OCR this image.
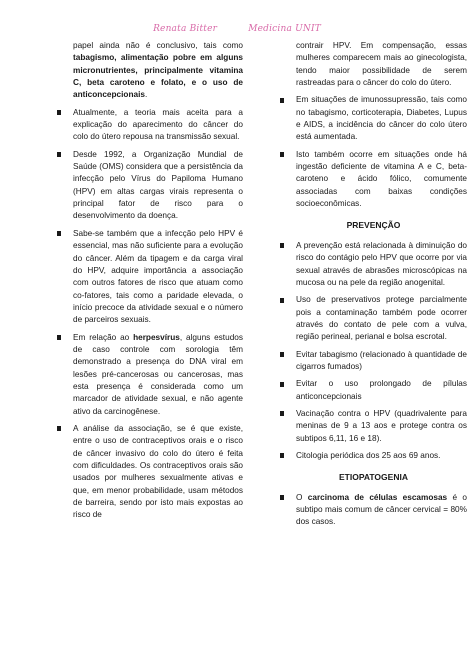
Renata Bitter	Medicina UNIT

papel ainda não é conclusivo, tais como tabagismo, alimentação pobre em alguns micronutrientes, principalmente vitamina C, beta caroteno e folato, e o uso de anticoncepcionais.

Atualmente, a teoria mais aceita para a explicação do aparecimento do câncer do colo do útero repousa na transmissão sexual.
Desde 1992, a Organização Mundial de Saúde (OMS) considera que a persistência da infecção pelo Vírus do Papiloma Humano (HPV) em altas cargas virais representa o principal fator de risco para o desenvolvimento da doença.
Sabe-se também que a infecção pelo HPV é essencial, mas não suficiente para a evolução do câncer. Além da tipagem e da carga viral do HPV, adquire importância a associação com outros fatores de risco que atuam como co-fatores, tais como a paridade elevada, o início precoce da atividade sexual e o número de parceiros sexuais.
Em relação ao herpesvírus, alguns estudos de caso controle com sorologia têm demonstrado a presença do DNA viral em lesões pré-cancerosas ou cancerosas, mas esta presença é considerada como um marcador de atividade sexual, e não agente ativo da carcinogênese.
A análise da associação, se é que existe, entre o uso de contraceptivos orais e o risco de câncer invasivo do colo do útero é feita com dificuldades. Os contraceptivos orais são usados por mulheres sexualmente ativas e que, em menor probabilidade, usam métodos de barreira, sendo por isto mais expostas ao risco de

contrair HPV. Em compensação, essas mulheres comparecem mais ao ginecologista, tendo maior possibilidade de serem rastreadas para o câncer do colo do útero.

Em situações de imunossupressão, tais como no tabagismo, corticoterapia, Diabetes, Lupus e AIDS, a incidência do câncer do colo útero está aumentada.
Isto também ocorre em situações onde há ingestão deficiente de vitamina A e C, beta-caroteno e ácido fólico, comumente associadas com baixas condições socioeconômicas.
PREVENÇÃO
A prevenção está relacionada à diminuição do risco do contágio pelo HPV que ocorre por via sexual através de abrasões microscópicas na mucosa ou na pele da região anogenital.
Uso de preservativos protege parcialmente pois a contaminação também pode ocorrer através do contato de pele com a vulva, região perineal, perianal e bolsa escrotal.
Evitar tabagismo (relacionado à quantidade de cigarros fumados)
Evitar o uso prolongado de pílulas anticoncepcionais
Vacinação contra o HPV (quadrivalente para meninas de 9 a 13 aos e protege contra os subtipos 6,11, 16 e 18).
Citologia periódica dos 25 aos 69 anos.
ETIOPATOGENIA
O carcinoma de células escamosas é o subtipo mais comum de câncer cervical = 80% dos casos.
